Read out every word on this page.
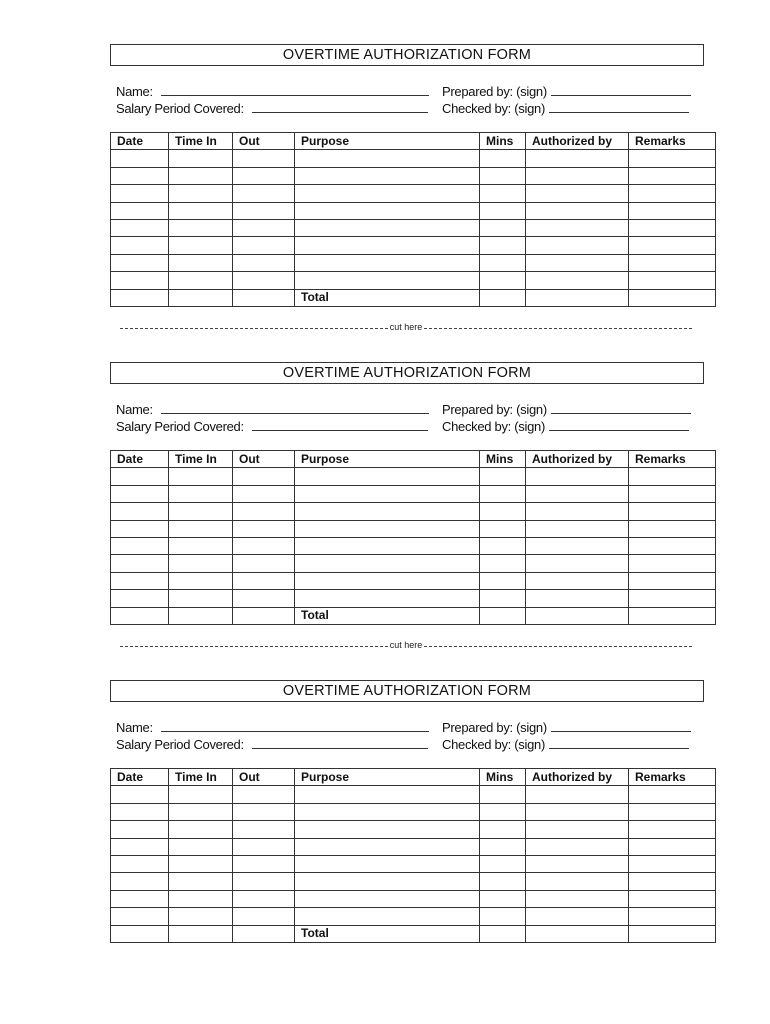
OVERTIME AUTHORIZATION FORM
Name:
Salary Period Covered:
Prepared by: (sign)
Checked by: (sign)
Date	Time In	Out	Purpose	Mins	Authorized by	Remarks

			Total			
cut here
OVERTIME AUTHORIZATION FORM
Name:
Salary Period Covered:
Prepared by: (sign)
Checked by: (sign)
Date	Time In	Out	Purpose	Mins	Authorized by	Remarks

			Total			
cut here
OVERTIME AUTHORIZATION FORM
Name:
Salary Period Covered:
Prepared by: (sign)
Checked by: (sign)
Date	Time In	Out	Purpose	Mins	Authorized by	Remarks

			Total			
